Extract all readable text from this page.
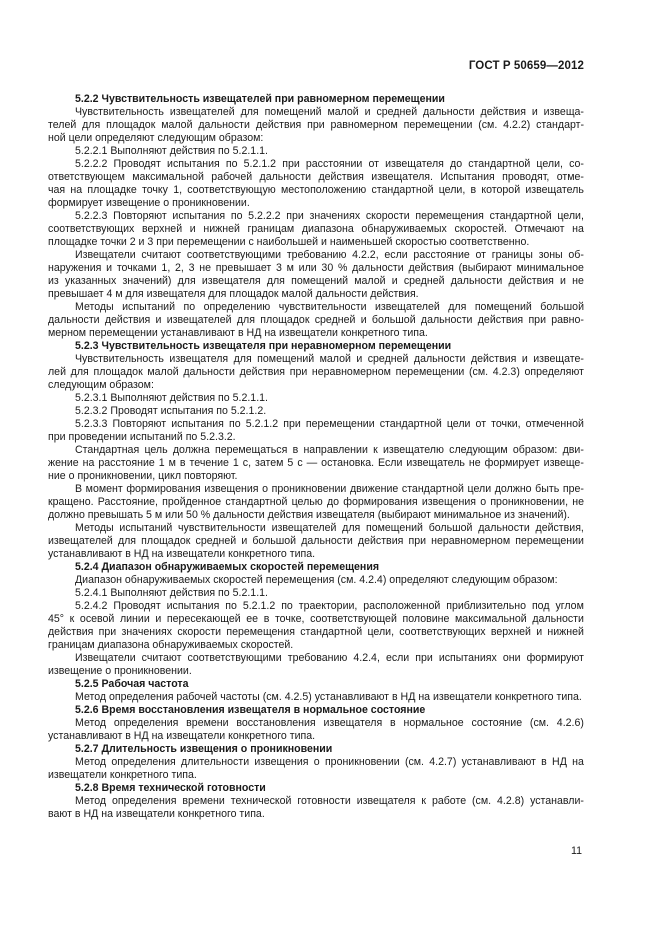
ГОСТ Р 50659—2012
5.2.2 Чувствительность извещателей при равномерном перемещении
Чувствительность извещателей для помещений малой и средней дальности действия и извеща-
телей для площадок малой дальности действия при равномерном перемещении (см. 4.2.2) стандарт-
ной цели определяют следующим образом:
5.2.2.1 Выполняют действия по 5.2.1.1.
5.2.2.2 Проводят испытания по 5.2.1.2 при расстоянии от извещателя до стандартной цели, со-
ответствующем максимальной рабочей дальности действия извещателя. Испытания проводят, отме-
чая на площадке точку 1, соответствующую местоположению стандартной цели, в которой извещатель
формирует извещение о проникновении.
5.2.2.3 Повторяют испытания по 5.2.2.2 при значениях скорости перемещения стандартной цели,
соответствующих верхней и нижней границам диапазона обнаруживаемых скоростей. Отмечают на
площадке точки 2 и 3 при перемещении с наибольшей и наименьшей скоростью соответственно.
Извещатели считают соответствующими требованию 4.2.2, если расстояние от границы зоны об-
наружения и точками 1, 2, 3 не превышает 3 м или 30 % дальности действия (выбирают минимальное
из указанных значений) для извещателя для помещений малой и средней дальности действия и не
превышает 4 м для извещателя для площадок малой дальности действия.
Методы испытаний по определению чувствительности извещателей для помещений большой
дальности действия и извещателей для площадок средней и большой дальности действия при равно-
мерном перемещении устанавливают в НД на извещатели конкретного типа.
5.2.3 Чувствительность извещателя при неравномерном перемещении
Чувствительность извещателя для помещений малой и средней дальности действия и извещате-
лей для площадок малой дальности действия при неравномерном перемещении (см. 4.2.3) определяют
следующим образом:
5.2.3.1 Выполняют действия по 5.2.1.1.
5.2.3.2 Проводят испытания по 5.2.1.2.
5.2.3.3 Повторяют испытания по 5.2.1.2 при перемещении стандартной цели от точки, отмеченной
при проведении испытаний по 5.2.3.2.
Стандартная цель должна перемещаться в направлении к извещателю следующим образом: дви-
жение на расстояние 1 м в течение 1 с, затем 5 с — остановка. Если извещатель не формирует извеще-
ние о проникновении, цикл повторяют.
В момент формирования извещения о проникновении движение стандартной цели должно быть пре-
кращено. Расстояние, пройденное стандартной целью до формирования извещения о проникновении, не
должно превышать 5 м или 50 % дальности действия извещателя (выбирают минимальное из значений).
Методы испытаний чувствительности извещателей для помещений большой дальности действия,
извещателей для площадок средней и большой дальности действия при неравномерном перемещении
устанавливают в НД на извещатели конкретного типа.
5.2.4 Диапазон обнаруживаемых скоростей перемещения
Диапазон обнаруживаемых скоростей перемещения (см. 4.2.4) определяют следующим образом:
5.2.4.1 Выполняют действия по 5.2.1.1.
5.2.4.2 Проводят испытания по 5.2.1.2 по траектории, расположенной приблизительно под углом
45° к осевой линии и пересекающей ее в точке, соответствующей половине максимальной дальности
действия при значениях скорости перемещения стандартной цели, соответствующих верхней и нижней
границам диапазона обнаруживаемых скоростей.
Извещатели считают соответствующими требованию 4.2.4, если при испытаниях они формируют
извещение о проникновении.
5.2.5 Рабочая частота
Метод определения рабочей частоты (см. 4.2.5) устанавливают в НД на извещатели конкретного типа.
5.2.6 Время восстановления извещателя в нормальное состояние
Метод определения времени восстановления извещателя в нормальное состояние (см. 4.2.6)
устанавливают в НД на извещатели конкретного типа.
5.2.7 Длительность извещения о проникновении
Метод определения длительности извещения о проникновении (см. 4.2.7) устанавливают в НД на
извещатели конкретного типа.
5.2.8 Время технической готовности
Метод определения времени технической готовности извещателя к работе (см. 4.2.8) устанавли-
вают в НД на извещатели конкретного типа.
11
